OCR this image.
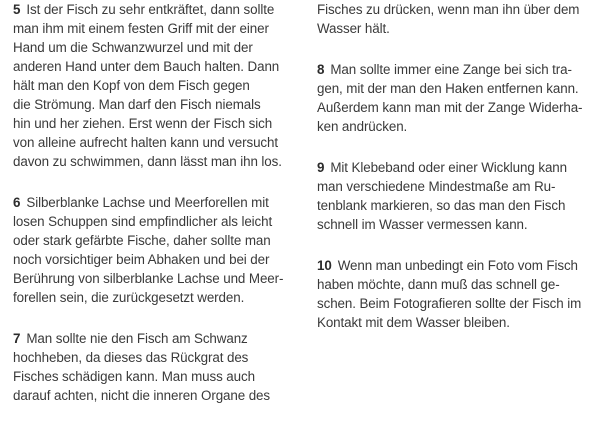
5 Ist der Fisch zu sehr entkräftet, dann sollte
man ihm mit einem festen Griff mit der einer
Hand um die Schwanzwurzel und mit der
anderen Hand unter dem Bauch halten. Dann
hält man den Kopf von dem Fisch gegen
die Strömung. Man darf den Fisch niemals
hin und her ziehen. Erst wenn der Fisch sich
von alleine aufrecht halten kann und versucht
davon zu schwimmen, dann lässt man ihn los.
6 Silberblanke Lachse und Meerforellen mit
losen Schuppen sind empfindlicher als leicht
oder stark gefärbte Fische, daher sollte man
noch vorsichtiger beim Abhaken und bei der
Berührung von silberblanke Lachse und Meer-
forellen sein, die zurückgesetzt werden.
7 Man sollte nie den Fisch am Schwanz
hochheben, da dieses das Rückgrat des
Fisches schädigen kann. Man muss auch
darauf achten, nicht die inneren Organe des
Fisches zu drücken, wenn man ihn über dem
Wasser hält.
8 Man sollte immer eine Zange bei sich tra-
gen, mit der man den Haken entfernen kann.
Außerdem kann man mit der Zange Widerha-
ken andrücken.
9 Mit Klebeband oder einer Wicklung kann
man verschiedene Mindestmaße am Ru-
tenblank markieren, so das man den Fisch
schnell im Wasser vermessen kann.
10 Wenn man unbedingt ein Foto vom Fisch
haben möchte, dann muß das schnell ge-
schen. Beim Fotografieren sollte der Fisch im
Kontakt mit dem Wasser bleiben.
